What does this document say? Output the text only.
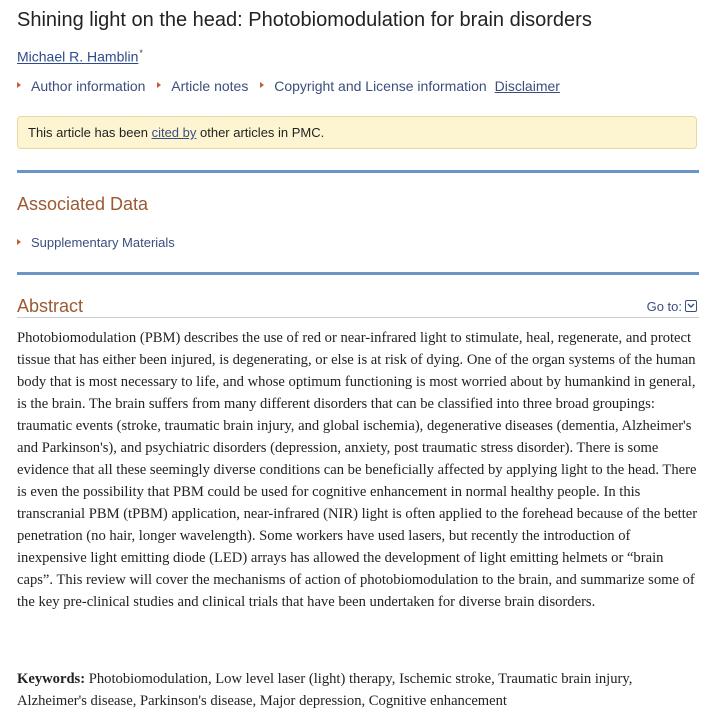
Shining light on the head: Photobiomodulation for brain disorders
Michael R. Hamblin*
Author information Article notes Copyright and License information Disclaimer
This article has been cited by other articles in PMC.
Associated Data
Supplementary Materials
Abstract	Go to:

Photobiomodulation (PBM) describes the use of red or near-infrared light to stimulate, heal, regenerate, and protect tissue that has either been injured, is degenerating, or else is at risk of dying. One of the organ systems of the human body that is most necessary to life, and whose optimum functioning is most worried about by humankind in general, is the brain. The brain suffers from many different disorders that can be classified into three broad groupings: traumatic events (stroke, traumatic brain injury, and global ischemia), degenerative diseases (dementia, Alzheimer's and Parkinson's), and psychiatric disorders (depression, anxiety, post traumatic stress disorder). There is some evidence that all these seemingly diverse conditions can be beneficially affected by applying light to the head. There is even the possibility that PBM could be used for cognitive enhancement in normal healthy people. In this transcranial PBM (tPBM) application, near-infrared (NIR) light is often applied to the forehead because of the better penetration (no hair, longer wavelength). Some workers have used lasers, but recently the introduction of inexpensive light emitting diode (LED) arrays has allowed the development of light emitting helmets or “brain caps”. This review will cover the mechanisms of action of photobiomodulation to the brain, and summarize some of the key pre-clinical studies and clinical trials that have been undertaken for diverse brain disorders.

Keywords: Photobiomodulation, Low level laser (light) therapy, Ischemic stroke, Traumatic brain injury, Alzheimer's disease, Parkinson's disease, Major depression, Cognitive enhancement
